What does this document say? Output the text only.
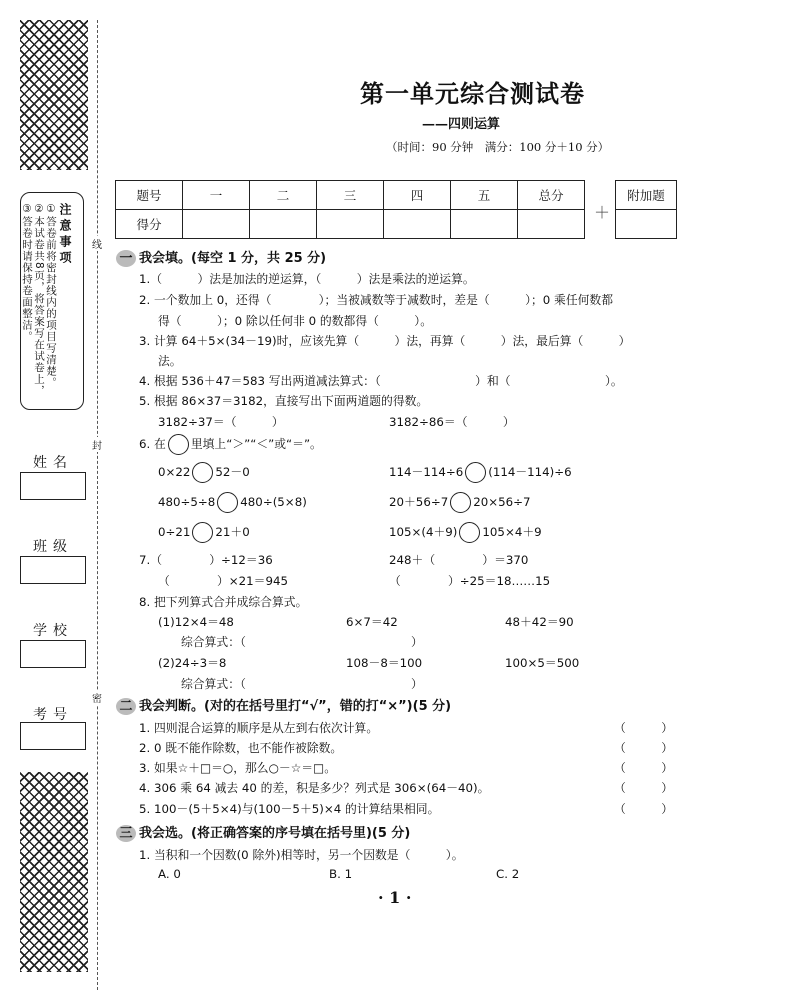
注意事项
①答卷前将密封线内的项目写清楚。
②本试卷共8页，将答案写在试卷上，
③答卷时请保持卷面整洁。	线
封
密
姓名
班级
学校
考号
第一单元综合测试卷
——四则运算
（时间：90 分钟　满分：100 分＋10 分）
题号	一	二	三	四	五	总分
得分						
＋
附加题

一 我会填。(每空 1 分，共 25 分)
1.（　　　）法是加法的逆运算，（　　　）法是乘法的逆运算。
2. 一个数加上 0，还得（　　　　）；当被减数等于减数时，差是（　　　）；0 乘任何数都
得（　　　）；0 除以任何非 0 的数都得（　　　）。
3. 计算 64＋5×(34－19)时，应该先算（　　　）法，再算（　　　）法，最后算（　　　）
法。
4. 根据 536＋47＝583 写出两道减法算式：（　　　　　　　　）和（　　　　　　　　）。
5. 根据 86×37＝3182，直接写出下面两道题的得数。
3182÷37＝（　　　）	3182÷86＝（　　　）
6. 在 里填上“＞”“＜”或“＝”。
0×22 52－0	114－114÷6 (114－114)÷6
480÷5÷8 480÷(5×8)	20＋56÷7 20×56÷7
0÷21 21＋0	105×(4＋9) 105×4＋9
7.（　　　　）÷12＝36	248＋（　　　　）＝370
（　　　　）×21＝945	（　　　　）÷25＝18……15
8. 把下列算式合并成综合算式。
(1)12×4＝48	6×7＝42	48＋42＝90
综合算式：（　　　　　　　　　　　　　　）
(2)24÷3＝8	108－8＝100	100×5＝500
综合算式：（　　　　　　　　　　　　　　）
二 我会判断。(对的在括号里打“√”，错的打“×”)(5 分)
1. 四则混合运算的顺序是从左到右依次计算。	（　　　）
2. 0 既不能作除数，也不能作被除数。	（　　　）
3. 如果☆＋□＝○，那么○－☆＝□。	（　　　）
4. 306 乘 64 减去 40 的差，积是多少？列式是 306×(64－40)。	（　　　）
5. 100－(5＋5×4)与(100－5＋5)×4 的计算结果相同。	（　　　）
三 我会选。(将正确答案的序号填在括号里)(5 分)
1. 当积和一个因数(0 除外)相等时，另一个因数是（　　　）。
A. 0	B. 1	C. 2
· 1 ·
